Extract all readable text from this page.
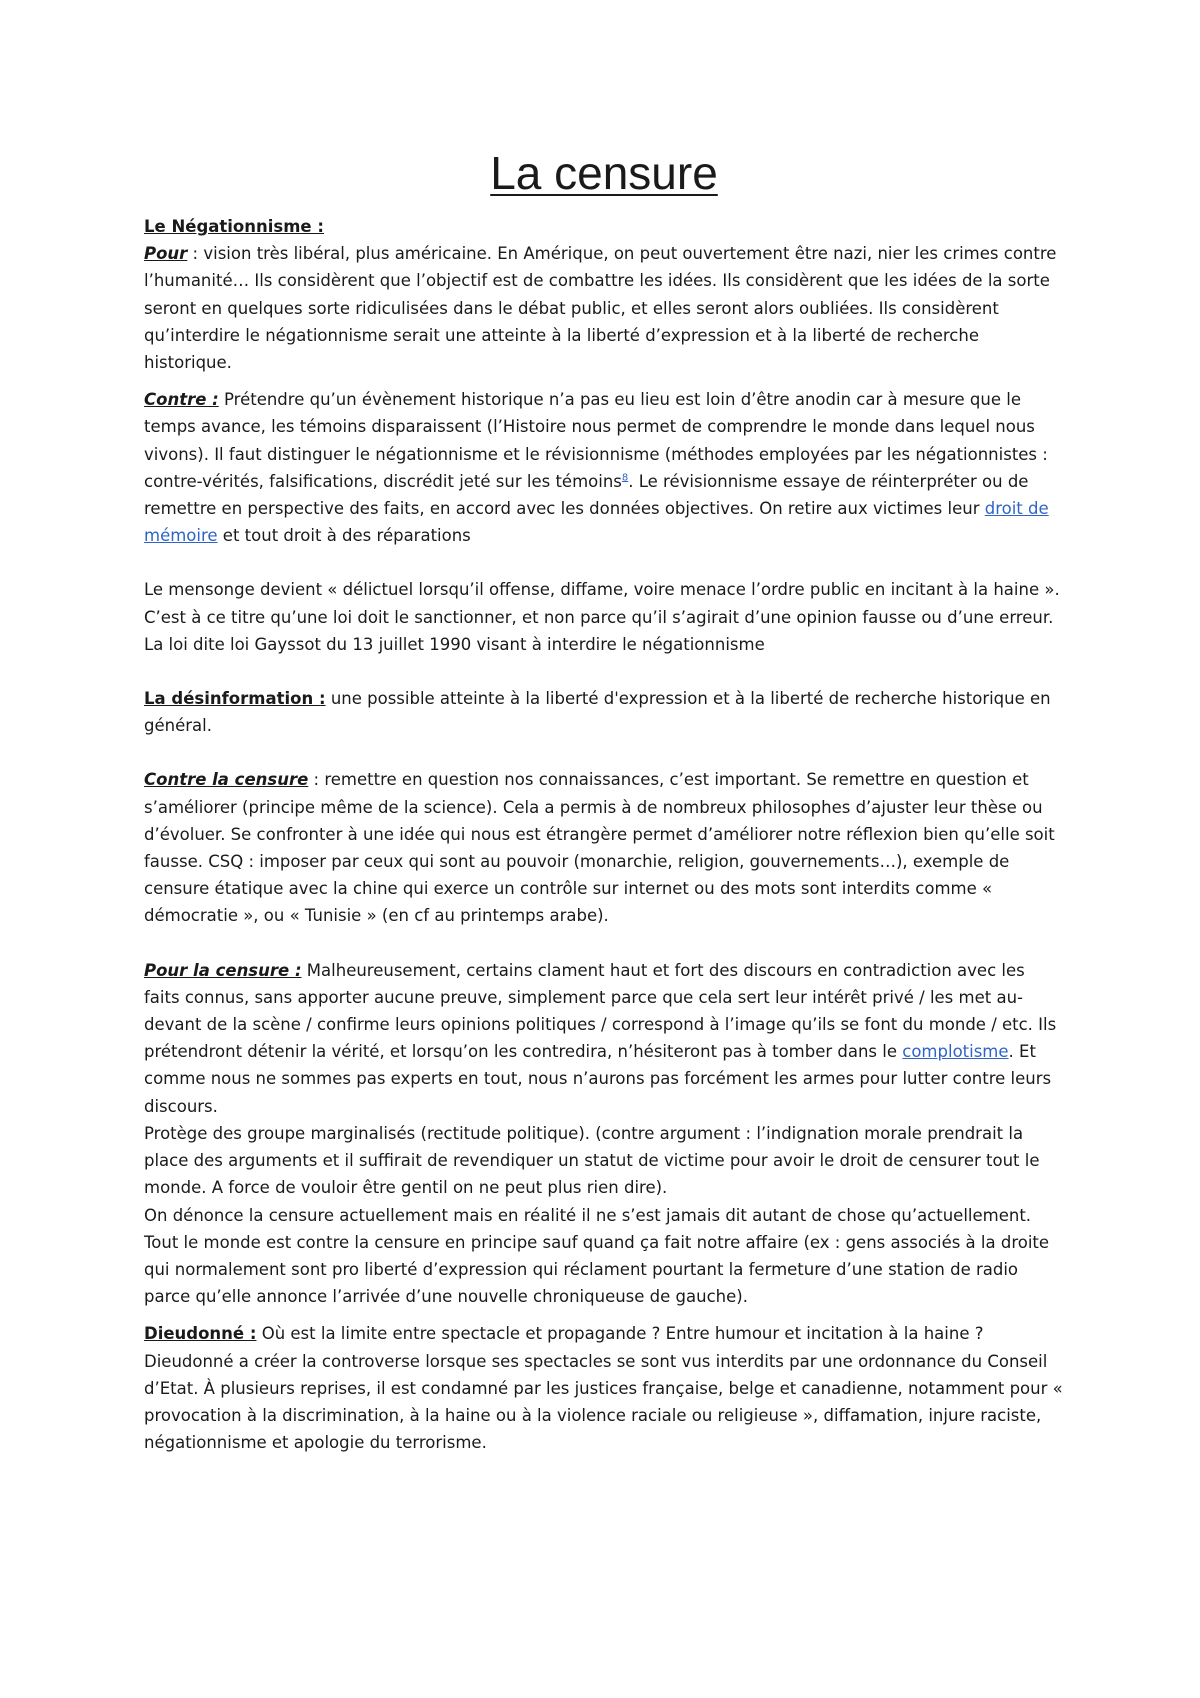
La censure

Le Négationnisme :

Pour : vision très libéral, plus américaine. En Amérique, on peut ouvertement être nazi, nier les crimes contre l’humanité… Ils considèrent que l’objectif est de combattre les idées. Ils considèrent que les idées de la sorte seront en quelques sorte ridiculisées dans le débat public, et elles seront alors oubliées. Ils considèrent qu’interdire le négationnisme serait une atteinte à la liberté d’expression et à la liberté de recherche historique.

Contre : Prétendre qu’un évènement historique n’a pas eu lieu est loin d’être anodin car à mesure que le temps avance, les témoins disparaissent (l’Histoire nous permet de comprendre le monde dans lequel nous vivons). Il faut distinguer le négationnisme et le révisionnisme (méthodes employées par les négationnistes : contre-vérités, falsifications, discrédit jeté sur les témoins$^8$. Le révisionnisme essaye de réinterpréter ou de remettre en perspective des faits, en accord avec les données objectives. On retire aux victimes leur droit de mémoire et tout droit à des réparations

Le mensonge devient « délictuel lorsqu’il offense, diffame, voire menace l’ordre public en incitant à la haine ». C’est à ce titre qu’une loi doit le sanctionner, et non parce qu’il s’agirait d’une opinion fausse ou d’une erreur. La loi dite loi Gayssot du 13 juillet 1990 visant à interdire le négationnisme

La désinformation : une possible atteinte à la liberté d'expression et à la liberté de recherche historique en général.

Contre la censure : remettre en question nos connaissances, c’est important. Se remettre en question et s’améliorer (principe même de la science). Cela a permis à de nombreux philosophes d’ajuster leur thèse ou d’évoluer. Se confronter à une idée qui nous est étrangère permet d’améliorer notre réflexion bien qu’elle soit fausse. CSQ : imposer par ceux qui sont au pouvoir (monarchie, religion, gouvernements…), exemple de censure étatique avec la chine qui exerce un contrôle sur internet ou des mots sont interdits comme « démocratie », ou « Tunisie » (en cf au printemps arabe).

Pour la censure : Malheureusement, certains clament haut et fort des discours en contradiction avec les faits connus, sans apporter aucune preuve, simplement parce que cela sert leur intérêt privé / les met au-devant de la scène / confirme leurs opinions politiques / correspond à l’image qu’ils se font du monde / etc. Ils prétendront détenir la vérité, et lorsqu’on les contredira, n’hésiteront pas à tomber dans le complotisme. Et comme nous ne sommes pas experts en tout, nous n’aurons pas forcément les armes pour lutter contre leurs discours.

Protège des groupe marginalisés (rectitude politique). (contre argument : l’indignation morale prendrait la place des arguments et il suffirait de revendiquer un statut de victime pour avoir le droit de censurer tout le monde. A force de vouloir être gentil on ne peut plus rien dire).

On dénonce la censure actuellement mais en réalité il ne s’est jamais dit autant de chose qu’actuellement. Tout le monde est contre la censure en principe sauf quand ça fait notre affaire (ex : gens associés à la droite qui normalement sont pro liberté d’expression qui réclament pourtant la fermeture d’une station de radio parce qu’elle annonce l’arrivée d’une nouvelle chroniqueuse de gauche).

Dieudonné : Où est la limite entre spectacle et propagande ? Entre humour et incitation à la haine ? Dieudonné a créer la controverse lorsque ses spectacles se sont vus interdits par une ordonnance du Conseil d’Etat. À plusieurs reprises, il est condamné par les justices française, belge et canadienne, notamment pour « provocation à la discrimination, à la haine ou à la violence raciale ou religieuse », diffamation, injure raciste, négationnisme et apologie du terrorisme.
